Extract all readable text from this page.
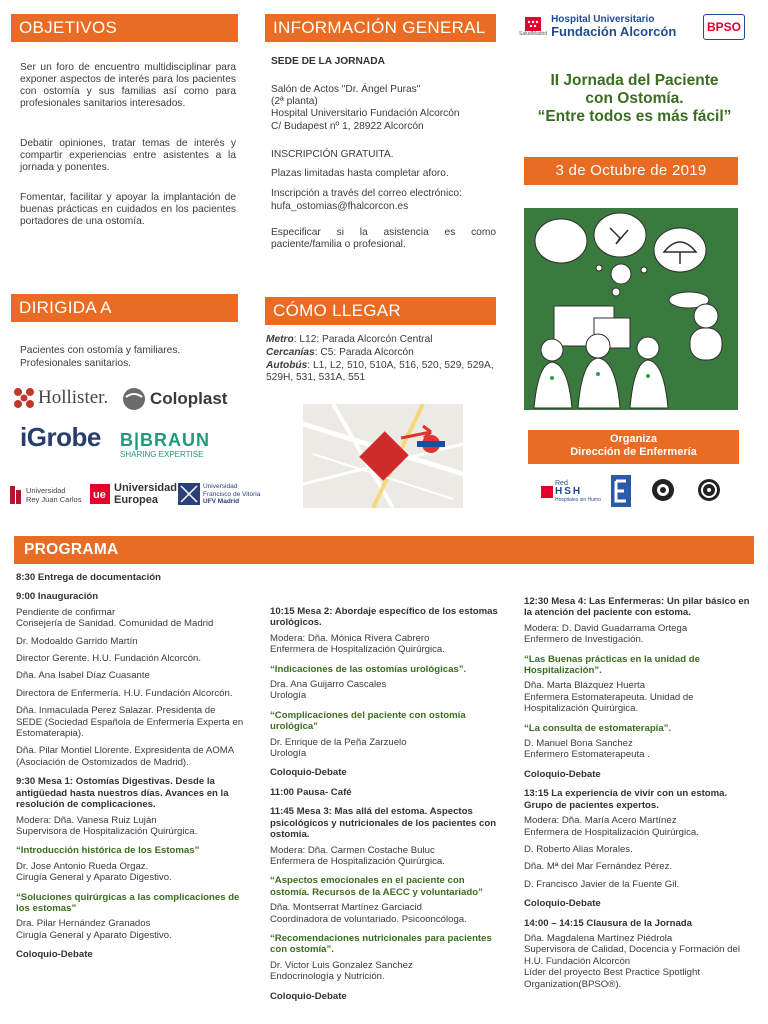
OBJETIVOS
Ser un foro de encuentro multidisciplinar para exponer aspectos de interés para los pacientes con ostomía y sus familias así como para profesionales sanitarios interesados.
Debatir opiniones, tratar temas de interés y compartir experiencias entre asistentes a la jornada y ponentes.
Fomentar, facilitar y apoyar la implantación de buenas prácticas en cuidados en los pacientes portadores de una ostomía.
DIRIGIDA A
Pacientes con ostomía y familiares.
Profesionales sanitarios.
Hollister. Coloplast
iGrobe B|BRAUN
SHARING EXPERTISE
Universidad
Rey Juan Carlos ue
Universidad
Europea
Universidad
Francisco de Vitoria
UFV Madrid
INFORMACIÓN GENERAL
SEDE DE LA JORNADA
Salón de Actos "Dr. Ángel Puras"
(2ª planta)
Hospital Universitario Fundación Alcorcón
C/ Budapest nº 1, 28922 Alcorcón
INSCRIPCIÓN GRATUITA.
Plazas limitadas hasta completar aforo.
Inscripción a través del correo electrónico:
hufa_ostomias@fhalcorcon.es
Especificar si la asistencia es como paciente/familia o profesional.
CÓMO LLEGAR
Metro: L12: Parada Alcorcón Central
Cercanías: C5: Parada Alcorcón
Autobús: L1, L2, 510, 510A, 516, 520, 529, 529A, 529H, 531, 531A, 551
SaludMadrid
Hospital Universitario
Fundación Alcorcón	BPSO
II Jornada del Paciente
con Ostomía.
“Entre todos es más fácil”
3 de Octubre de 2019
Organiza
Dirección de Enfermería
Red
H S H
Hospitales sin Humo
PROGRAMA

8:30 Entrega de documentación

9:00 Inauguración

Pendiente de confirmar

Consejería de Sanidad. Comunidad de Madrid

Dr. Modoaldo Garrido Martín

Director Gerente. H.U. Fundación Alcorcón.

Dña. Ana Isabel Díaz Cuasante

Directora de Enfermería. H.U. Fundación Alcorcón.

Dña. Inmaculada Perez Salazar. Presidenta de SEDE (Sociedad Española de Enfermería Experta en Estomaterapia).

Dña. Pilar Montiel Llorente. Expresidenta de AOMA (Asociación de Ostomizados de Madrid).

9:30 Mesa 1: Ostomías Digestivas. Desde la antigüedad hasta nuestros días. Avances en la resolución de complicaciones.

Modera: Dña. Vanesa Ruiz Luján

Supervisora de Hospitalización Quirúrgica.

“Introducción histórica de los Estomas”

Dr. Jose Antonio Rueda Orgaz.

Cirugía General y Aparato Digestivo.

“Soluciones quirúrgicas a las complicaciones de los estomas”

Dra. Pilar Hernández Granados

Cirugía General y Aparato Digestivo.

Coloquio-Debate

10:15 Mesa 2: Abordaje específico de los estomas urológicos.

Modera: Dña. Mónica Rivera Cabrero

Enfermera de Hospitalización Quirúrgica.

“Indicaciones de las ostomías urológicas”.

Dra. Ana Guijarro Cascales

Urología

“Complicaciones del paciente con ostomía urológica”

Dr. Enrique de la Peña Zarzuelo

Urología

Coloquio-Debate

11:00 Pausa- Café

11:45 Mesa 3: Mas allá del estoma. Aspectos psicológicos y nutricionales de los pacientes con ostomía.

Modera: Dña. Carmen Costache Buluc

Enfermera de Hospitalización Quirúrgica.

“Aspectos emocionales en el paciente con ostomía. Recursos de la AECC y voluntariado”

Dña. Montserrat Martínez Garciacid

Coordinadora de voluntariado. Psicooncóloga.

“Recomendaciones nutricionales para pacientes con ostomía”.

Dr. Victor Luis Gonzalez Sanchez

Endocrinología y Nutrición.

Coloquio-Debate

12:30 Mesa 4: Las Enfermeras: Un pilar básico en la atención del paciente con estoma.

Modera: D. David Guadarrama Ortega

Enfermero de Investigación.

“Las Buenas prácticas en la unidad de Hospitalización”.

Dña. Marta Blázquez Huerta

Enfermera Estomaterapeuta. Unidad de Hospitalización Quirúrgica.

“La consulta de estomaterapia”.

D. Manuel Bona Sanchez

Enfermero Estomaterapeuta .

Coloquio-Debate

13:15 La experiencia de vivir con un estoma. Grupo de pacientes expertos.

Modera: Dña. María Acero Martínez

Enfermera de Hospitalización Quirúrgica.

D. Roberto Alias Morales.

Dña. Mª del Mar Fernández Pérez.

D. Francisco Javier de la Fuente Gil.

Coloquio-Debate

14:00 – 14:15 Clausura de la Jornada

Dña. Magdalena Martínez Piédrola

Supervisora de Calidad, Docencia y Formación del H.U. Fundación Alcorcón

Líder del proyecto Best Practice Spotlight Organization(BPSO®).
